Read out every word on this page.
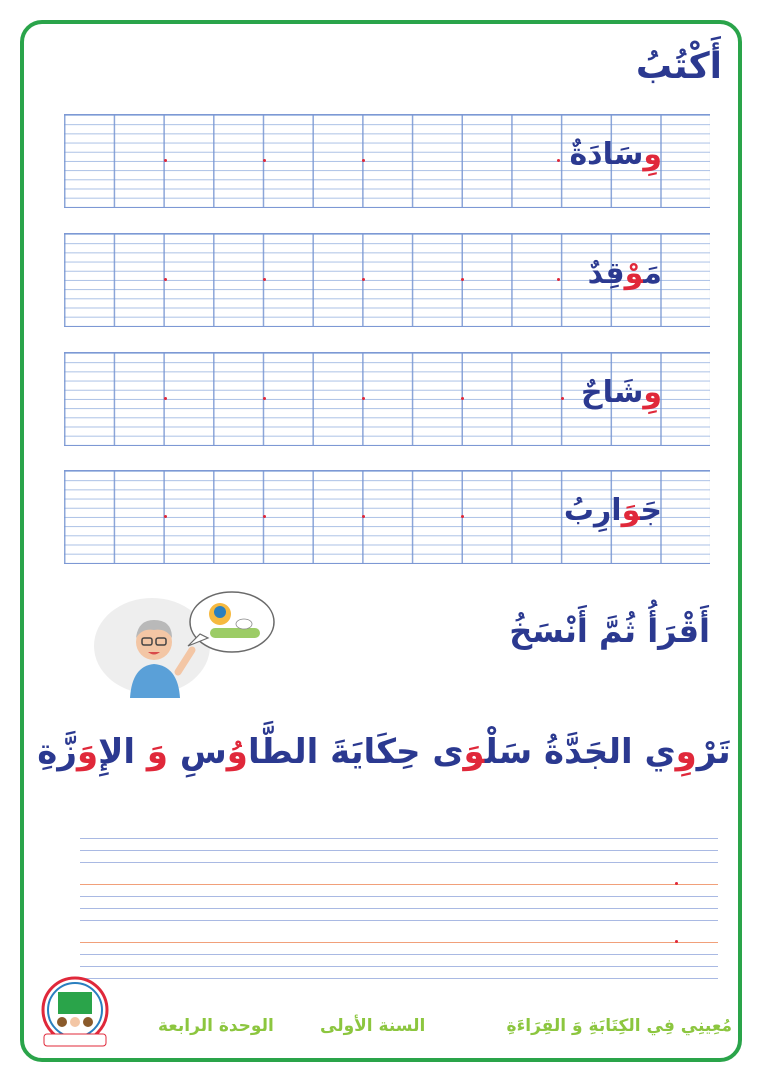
أَكْتُبُ
وِسَادَةٌ
مَوْقِدٌ
وِشَاحٌ
جَوَارِبُ
أَقْرَأُ ثُمَّ أَنْسَخُ
تَرْوِي الجَدَّةُ سَلْوَى حِكَايَةَ الطَّاوُسِ وَ الإِوَزَّةِ
مُعِينِي فِي الكِتَابَةِ وَ القِرَاءَةِ
السنة الأولى
الوحدة الرابعة
